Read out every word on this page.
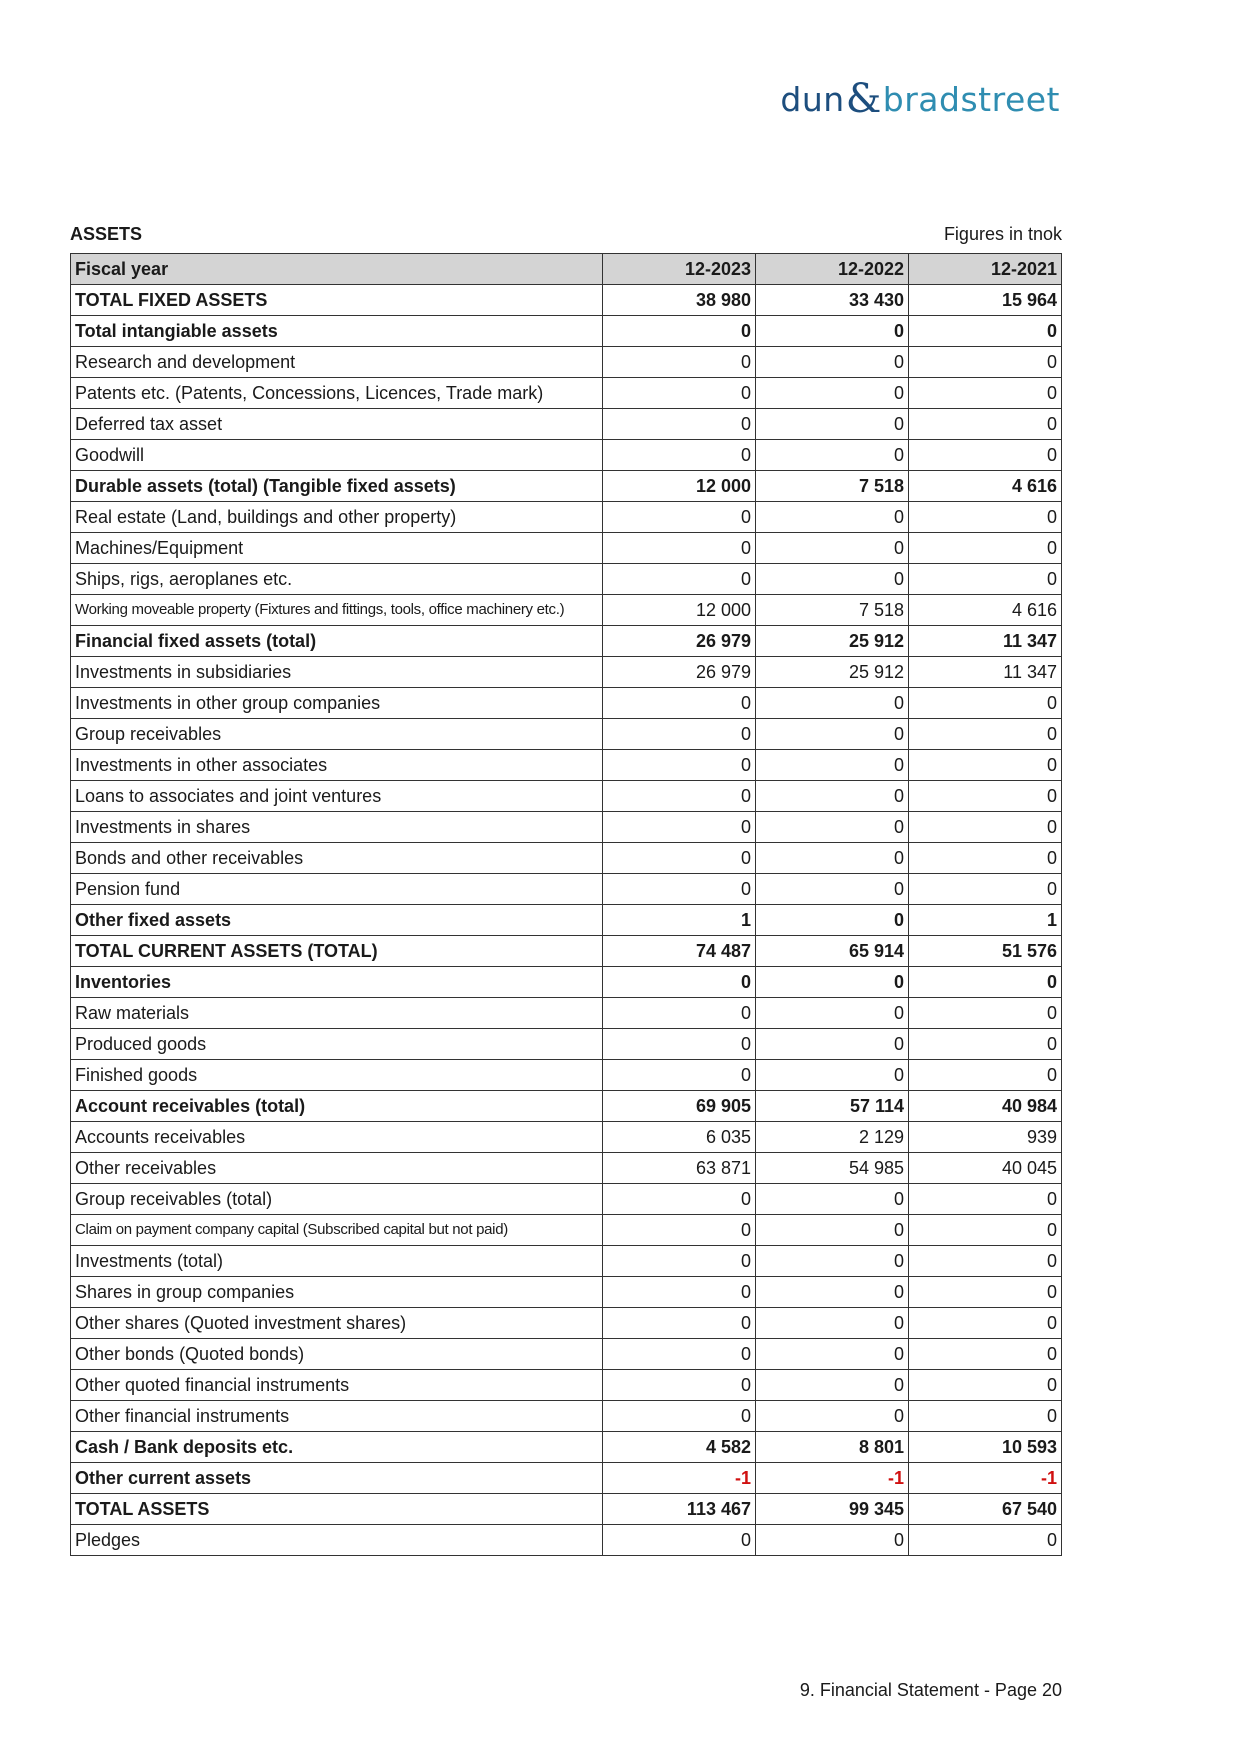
dun & bradstreet
ASSETS	Figures in tnok
Fiscal year	12-2023	12-2022	12-2021
TOTAL FIXED ASSETS	38 980	33 430	15 964
Total intangiable assets	0	0	0
Research and development	0	0	0
Patents etc. (Patents, Concessions, Licences, Trade mark)	0	0	0
Deferred tax asset	0	0	0
Goodwill	0	0	0
Durable assets (total) (Tangible fixed assets)	12 000	7 518	4 616
Real estate (Land, buildings and other property)	0	0	0
Machines/Equipment	0	0	0
Ships, rigs, aeroplanes etc.	0	0	0
Working moveable property (Fixtures and fittings, tools, office machinery etc.)	12 000	7 518	4 616
Financial fixed assets (total)	26 979	25 912	11 347
Investments in subsidiaries	26 979	25 912	11 347
Investments in other group companies	0	0	0
Group receivables	0	0	0
Investments in other associates	0	0	0
Loans to associates and joint ventures	0	0	0
Investments in shares	0	0	0
Bonds and other receivables	0	0	0
Pension fund	0	0	0
Other fixed assets	1	0	1
TOTAL CURRENT ASSETS (TOTAL)	74 487	65 914	51 576
Inventories	0	0	0
Raw materials	0	0	0
Produced goods	0	0	0
Finished goods	0	0	0
Account receivables (total)	69 905	57 114	40 984
Accounts receivables	6 035	2 129	939
Other receivables	63 871	54 985	40 045
Group receivables (total)	0	0	0
Claim on payment company capital (Subscribed capital but not paid)	0	0	0
Investments (total)	0	0	0
Shares in group companies	0	0	0
Other shares (Quoted investment shares)	0	0	0
Other bonds (Quoted bonds)	0	0	0
Other quoted financial instruments	0	0	0
Other financial instruments	0	0	0
Cash / Bank deposits etc.	4 582	8 801	10 593
Other current assets	-1	-1	-1
TOTAL ASSETS	113 467	99 345	67 540
Pledges	0	0	0
9. Financial Statement - Page 20
